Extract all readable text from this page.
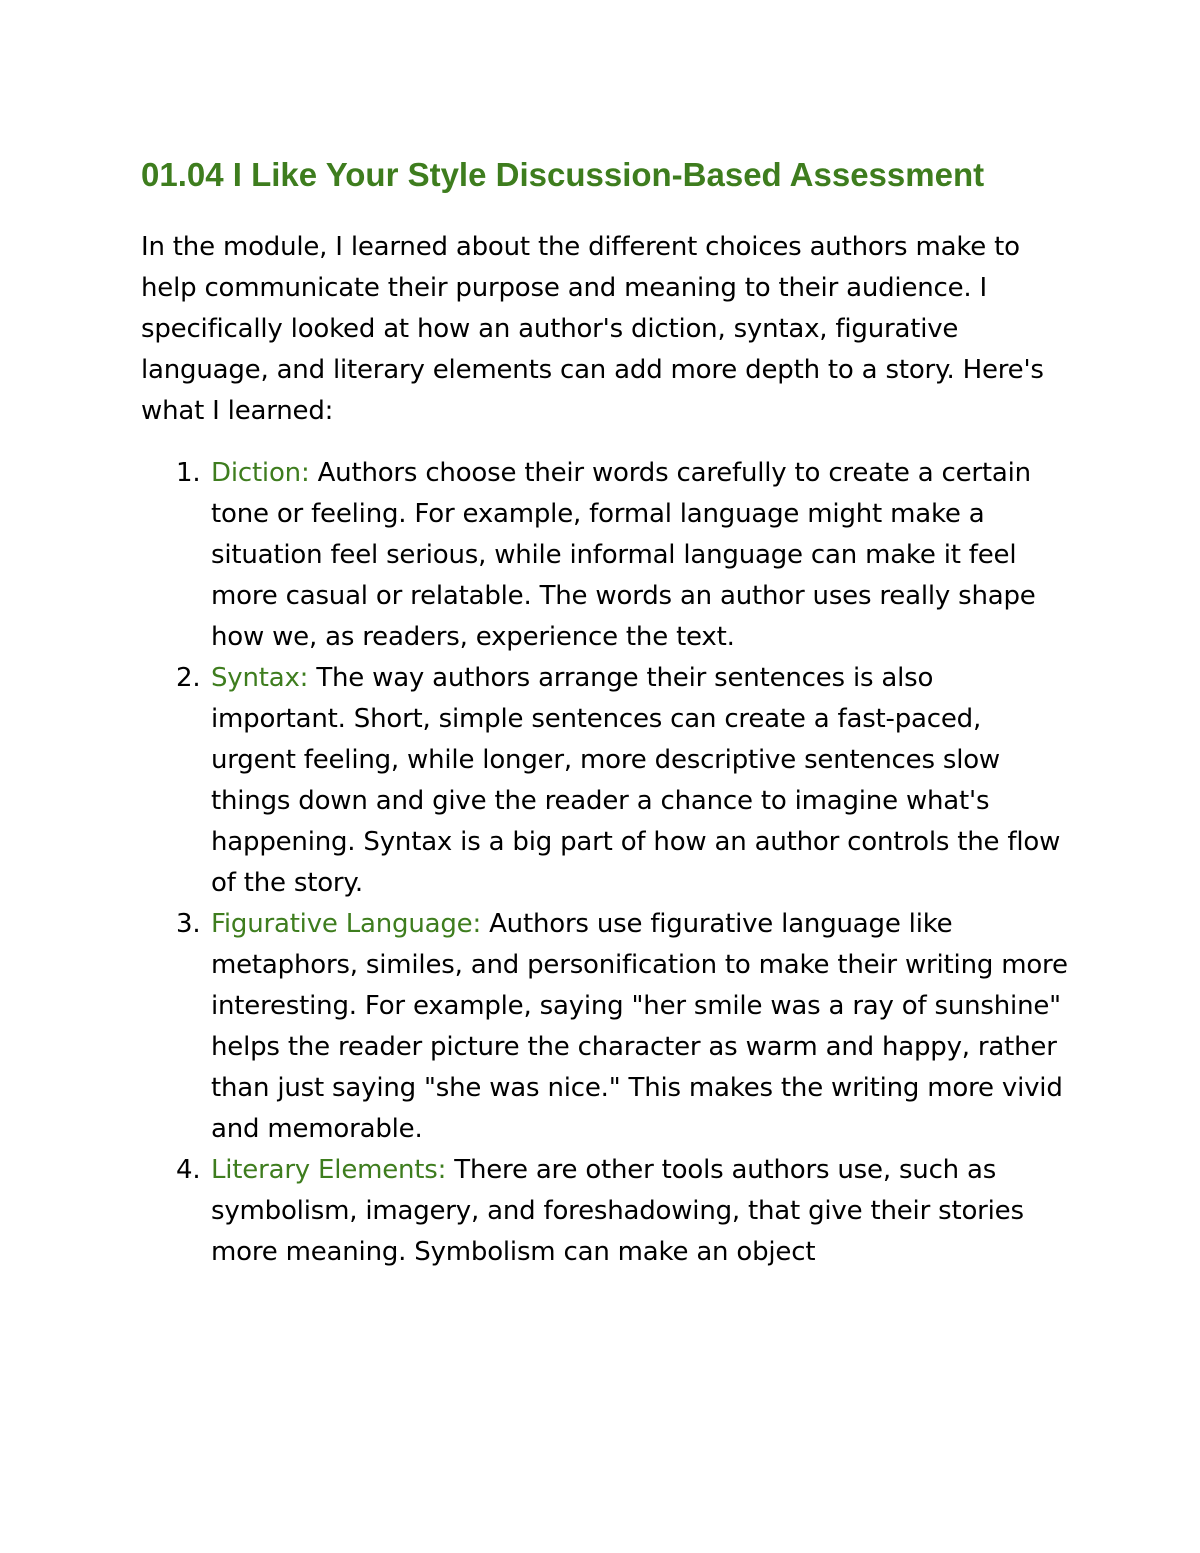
01.04 I Like Your Style Discussion-Based Assessment

In the module, I learned about the different choices authors make to help communicate their purpose and meaning to their audience. I specifically looked at how an author's diction, syntax, figurative language, and literary elements can add more depth to a story. Here's what I learned:

1. Diction: Authors choose their words carefully to create a certain tone or feeling. For example, formal language might make a situation feel serious, while informal language can make it feel more casual or relatable. The words an author uses really shape how we, as readers, experience the text.
2. Syntax: The way authors arrange their sentences is also important. Short, simple sentences can create a fast-paced, urgent feeling, while longer, more descriptive sentences slow things down and give the reader a chance to imagine what's happening. Syntax is a big part of how an author controls the flow of the story.
3. Figurative Language: Authors use figurative language like metaphors, similes, and personification to make their writing more interesting. For example, saying "her smile was a ray of sunshine" helps the reader picture the character as warm and happy, rather than just saying "she was nice." This makes the writing more vivid and memorable.
4. Literary Elements: There are other tools authors use, such as symbolism, imagery, and foreshadowing, that give their stories more meaning. Symbolism can make an object
